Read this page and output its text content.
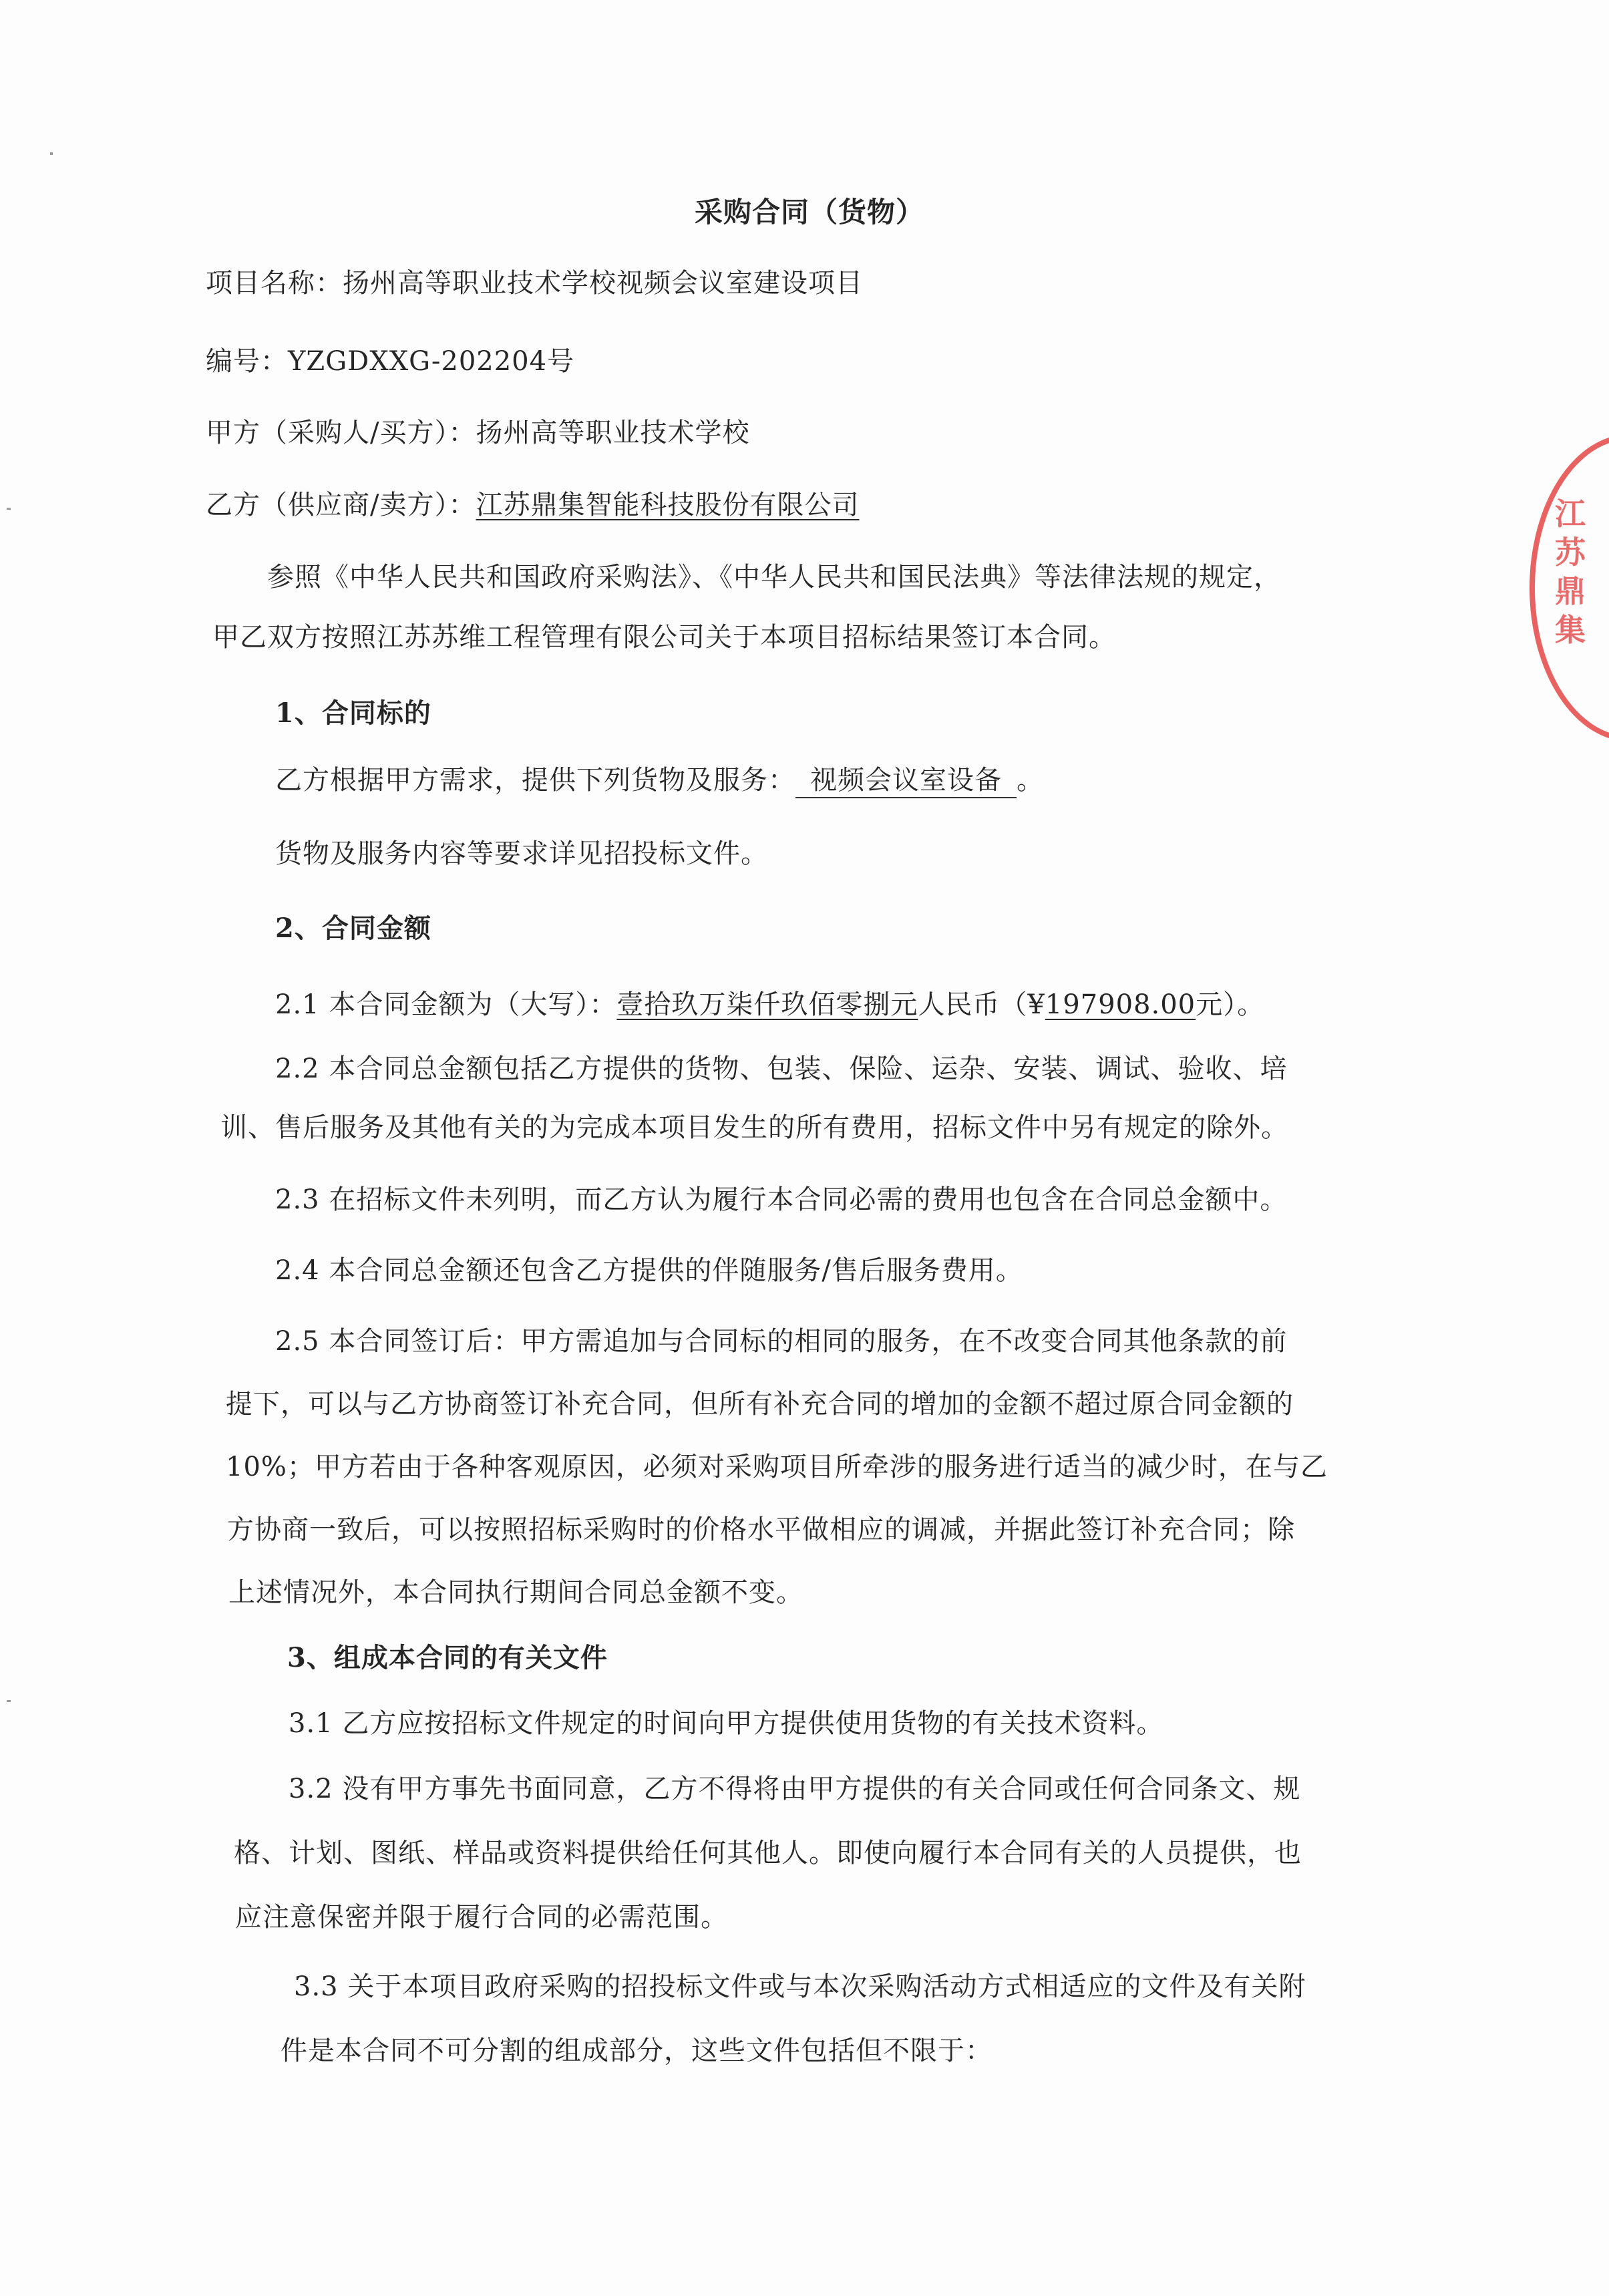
采购合同（货物）
项目名称：扬州高等职业技术学校视频会议室建设项目
编号：YZGDXXG-202204号
甲方（采购人/买方）：扬州高等职业技术学校
乙方（供应商/卖方）：江苏鼎集智能科技股份有限公司
参照《中华人民共和国政府采购法》、《中华人民共和国民法典》等法律法规的规定，
甲乙双方按照江苏苏维工程管理有限公司关于本项目招标结果签订本合同。
1、合同标的
乙方根据甲方需求，提供下列货物及服务： 视频会议室设备 。
货物及服务内容等要求详见招投标文件。
2、合同金额
2.1 本合同金额为（大写）：壹拾玖万柒仟玖佰零捌元人民币（¥197908.00元）。
2.2 本合同总金额包括乙方提供的货物、包装、保险、运杂、安装、调试、验收、培
训、售后服务及其他有关的为完成本项目发生的所有费用，招标文件中另有规定的除外。
2.3 在招标文件未列明，而乙方认为履行本合同必需的费用也包含在合同总金额中。
2.4 本合同总金额还包含乙方提供的伴随服务/售后服务费用。
2.5 本合同签订后：甲方需追加与合同标的相同的服务，在不改变合同其他条款的前
提下，可以与乙方协商签订补充合同，但所有补充合同的增加的金额不超过原合同金额的
10%；甲方若由于各种客观原因，必须对采购项目所牵涉的服务进行适当的减少时，在与乙
方协商一致后，可以按照招标采购时的价格水平做相应的调减，并据此签订补充合同；除
上述情况外，本合同执行期间合同总金额不变。
3、组成本合同的有关文件
3.1 乙方应按招标文件规定的时间向甲方提供使用货物的有关技术资料。
3.2 没有甲方事先书面同意，乙方不得将由甲方提供的有关合同或任何合同条文、规
格、计划、图纸、样品或资料提供给任何其他人。即使向履行本合同有关的人员提供，也
应注意保密并限于履行合同的必需范围。
3.3 关于本项目政府采购的招投标文件或与本次采购活动方式相适应的文件及有关附
件是本合同不可分割的组成部分，这些文件包括但不限于：
江苏鼎集
